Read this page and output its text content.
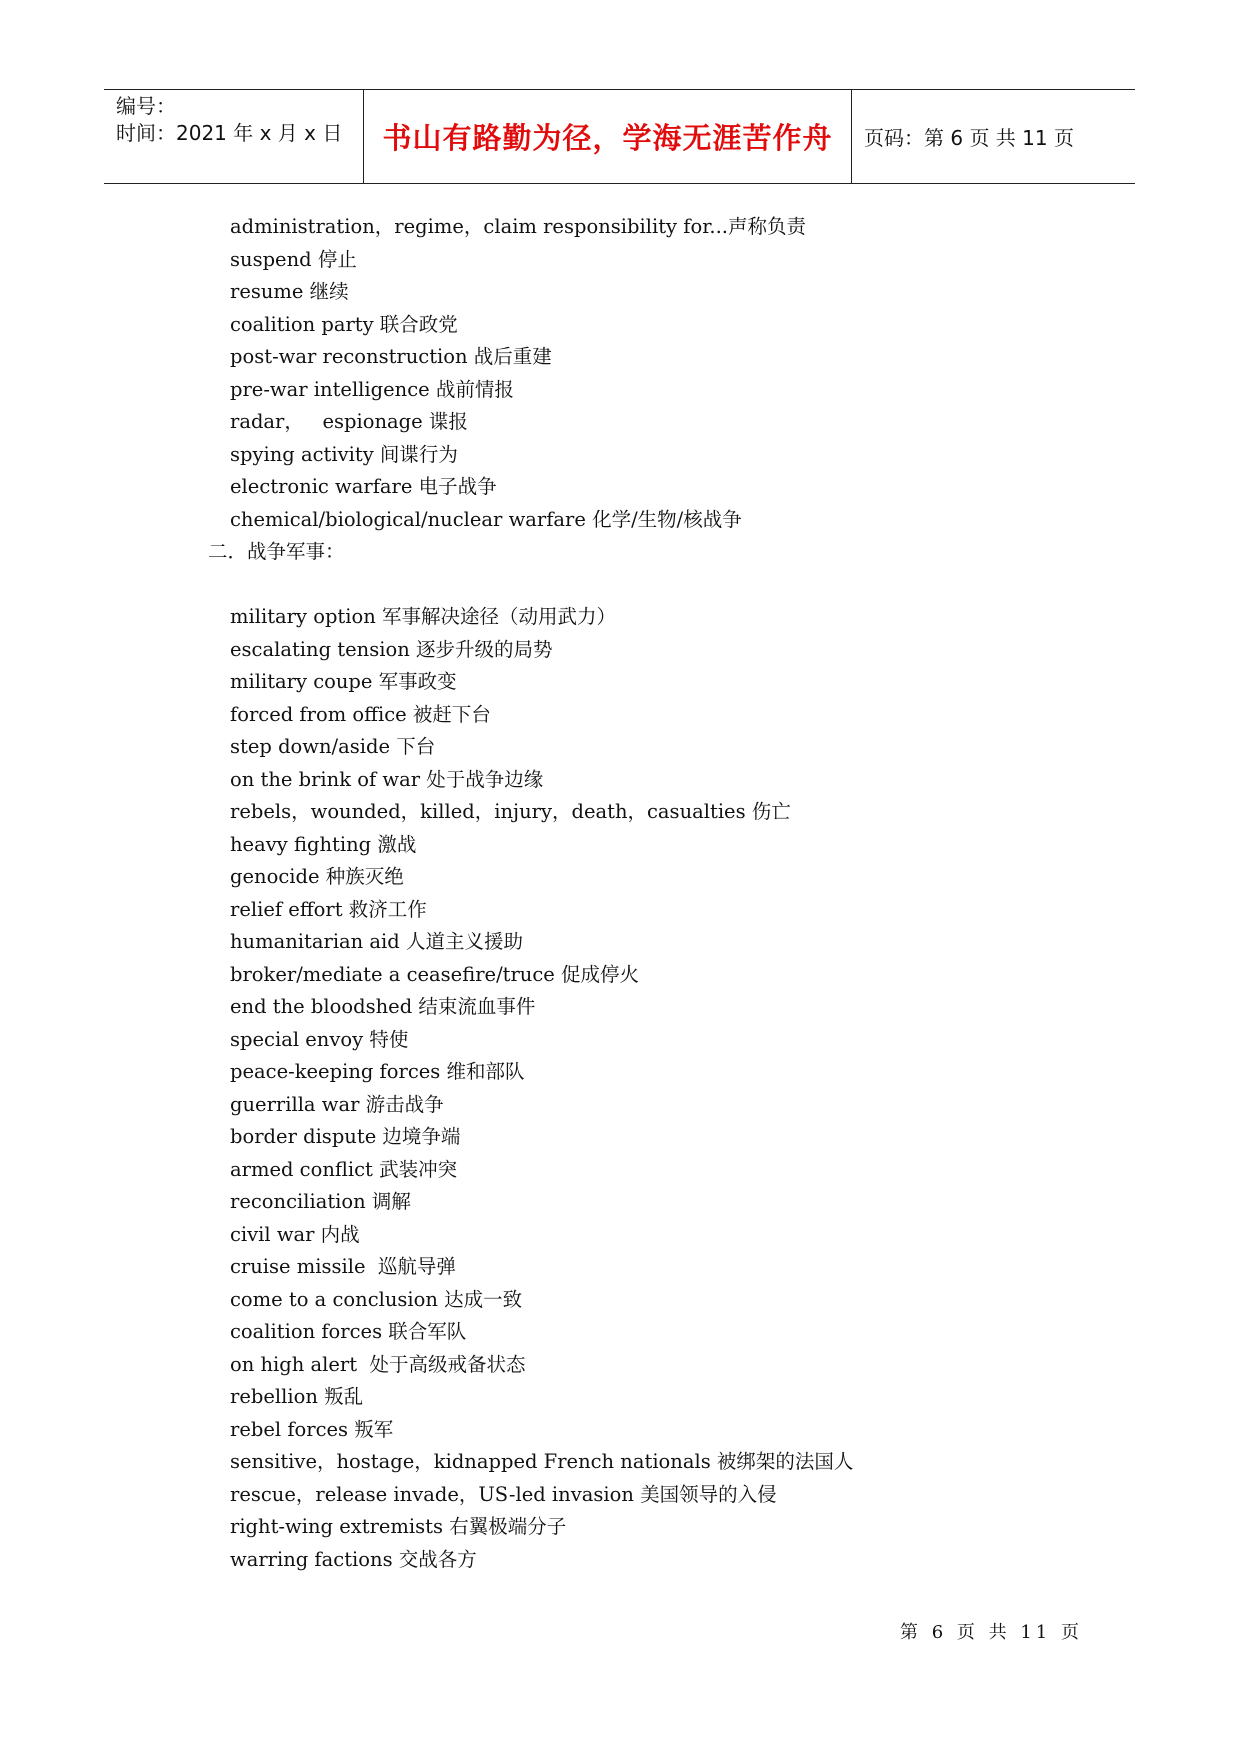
编号：
时间：2021 年 x 月 x 日	书山有路勤为径，学海无涯苦作舟	页码：第 6 页 共 11 页
administration，regime，claim responsibility for...声称负责
suspend 停止
resume 继续
coalition party 联合政党
post-war reconstruction 战后重建
pre-war intelligence 战前情报
radar，   espionage 谍报
spying activity 间谍行为
electronic warfare 电子战争
chemical/biological/nuclear warfare 化学/生物/核战争
二．战争军事：
military option 军事解决途径（动用武力）
escalating tension 逐步升级的局势
military coupe 军事政变
forced from office 被赶下台
step down/aside 下台
on the brink of war 处于战争边缘
rebels，wounded，killed，injury，death，casualties 伤亡
heavy fighting 激战
genocide 种族灭绝
relief effort 救济工作
humanitarian aid 人道主义援助
broker/mediate a ceasefire/truce 促成停火
end the bloodshed 结束流血事件
special envoy 特使
peace-keeping forces 维和部队
guerrilla war 游击战争
border dispute 边境争端
armed conflict 武装冲突
reconciliation 调解
civil war 内战
cruise missile  巡航导弹
come to a conclusion 达成一致
coalition forces 联合军队
on high alert  处于高级戒备状态
rebellion 叛乱
rebel forces 叛军
sensitive，hostage，kidnapped French nationals 被绑架的法国人
rescue，release invade，US-led invasion 美国领导的入侵
right-wing extremists 右翼极端分子
warring factions 交战各方
第 6 页 共 11 页
